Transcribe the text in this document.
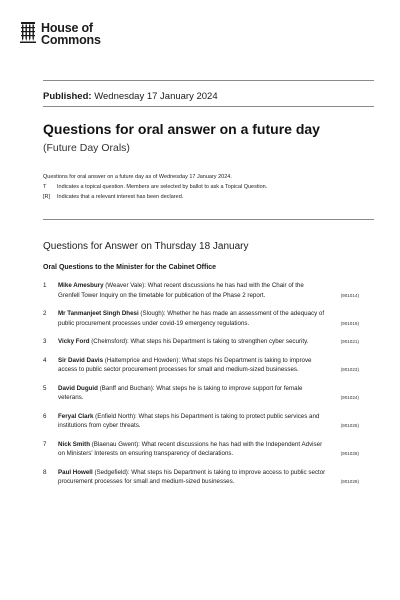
House of
Commons
Published: Wednesday 17 January 2024
Questions for oral answer on a future day
(Future Day Orals)
Questions for oral answer on a future day as of Wednesday 17 January 2024.
T	Indicates a topical question. Members are selected by ballot to ask a Topical Question.
[R]	Indicates that a relevant interest has been declared.
Questions for Answer on Thursday 18 January
Oral Questions to the Minister for the Cabinet Office
1	Mike Amesbury (Weaver Vale): What recent discussions he has had with the Chair of the Grenfell Tower Inquiry on the timetable for publication of the Phase 2 report.	(901014)
2	Mr Tanmanjeet Singh Dhesi (Slough): Whether he has made an assessment of the adequacy of public procurement processes under covid-19 emergency regulations.	(901019)
3	Vicky Ford (Chelmsford): What steps his Department is taking to strengthen cyber security.	(901021)
4	Sir David Davis (Haltemprice and Howden): What steps his Department is taking to improve access to public sector procurement processes for small and medium-sized businesses.	(901023)
5	David Duguid (Banff and Buchan): What steps he is taking to improve support for female veterans.	(901024)
6	Feryal Clark (Enfield North): What steps his Department is taking to protect public services and institutions from cyber threats.	(901025)
7	Nick Smith (Blaenau Gwent): What recent discussions he has had with the Independent Adviser on Ministers' Interests on ensuring transparency of declarations.	(901028)
8	Paul Howell (Sedgefield): What steps his Department is taking to improve access to public sector procurement processes for small and medium-sized businesses.	(901029)
